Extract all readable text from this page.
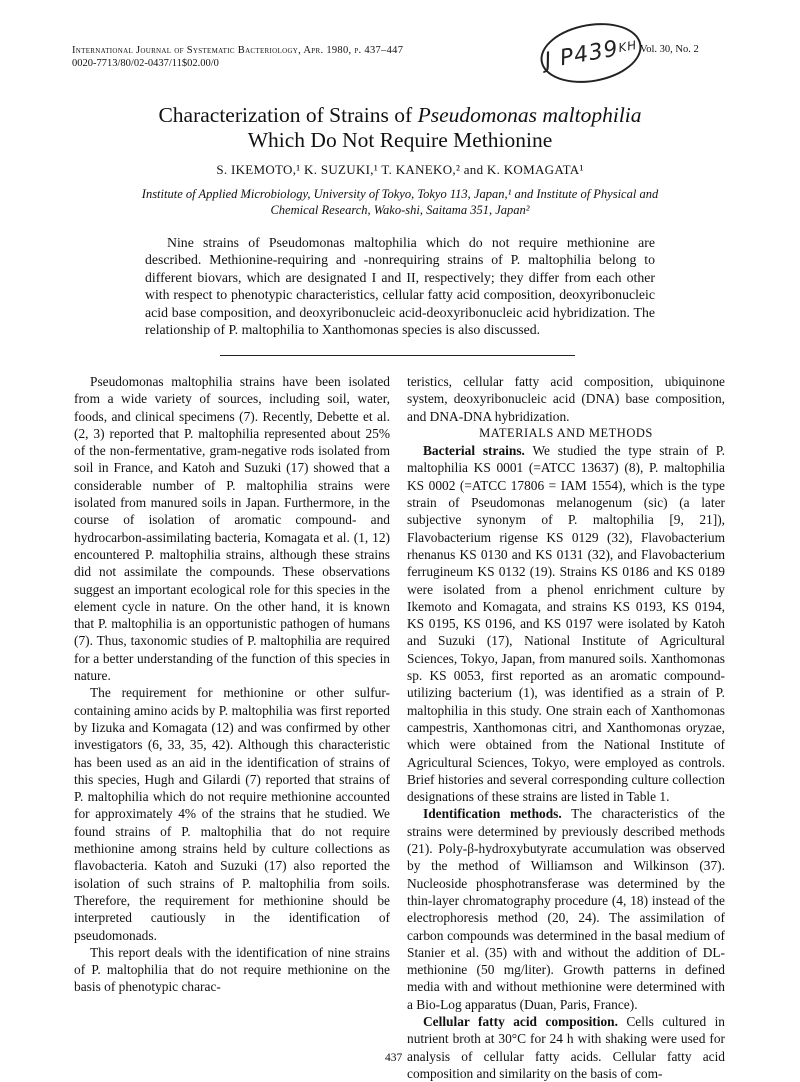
International Journal of Systematic Bacteriology, Apr. 1980, p. 437–447
0020-7713/80/02-0437/11$02.00/0	J P439
KH Vol. 30, No. 2
Characterization of Strains of Pseudomonas maltophilia
Which Do Not Require Methionine
S. IKEMOTO,¹ K. SUZUKI,¹ T. KANEKO,² and K. KOMAGATA¹
Institute of Applied Microbiology, University of Tokyo, Tokyo 113, Japan,¹ and Institute of Physical and
Chemical Research, Wako-shi, Saitama 351, Japan²
Nine strains of Pseudomonas maltophilia which do not require methionine are described. Methionine-requiring and -nonrequiring strains of P. maltophilia belong to different biovars, which are designated I and II, respectively; they differ from each other with respect to phenotypic characteristics, cellular fatty acid composition, deoxyribonucleic acid base composition, and deoxyribonucleic acid-deoxyribonucleic acid hybridization. The relationship of P. maltophilia to Xanthomonas species is also discussed.

Pseudomonas maltophilia strains have been isolated from a wide variety of sources, including soil, water, foods, and clinical specimens (7). Recently, Debette et al. (2, 3) reported that P. maltophilia represented about 25% of the non-fermentative, gram-negative rods isolated from soil in France, and Katoh and Suzuki (17) showed that a considerable number of P. maltophilia strains were isolated from manured soils in Japan. Furthermore, in the course of isolation of aromatic compound- and hydrocarbon-assimilating bacteria, Komagata et al. (1, 12) encountered P. maltophilia strains, although these strains did not assimilate the compounds. These observations suggest an important ecological role for this species in the element cycle in nature. On the other hand, it is known that P. maltophilia is an opportunistic pathogen of humans (7). Thus, taxonomic studies of P. maltophilia are required for a better understanding of the function of this species in nature.

The requirement for methionine or other sulfur-containing amino acids by P. maltophilia was first reported by Iizuka and Komagata (12) and was confirmed by other investigators (6, 33, 35, 42). Although this characteristic has been used as an aid in the identification of strains of this species, Hugh and Gilardi (7) reported that strains of P. maltophilia which do not require methionine accounted for approximately 4% of the strains that he studied. We found strains of P. maltophilia that do not require methionine among strains held by culture collections as flavobacteria. Katoh and Suzuki (17) also reported the isolation of such strains of P. maltophilia from soils. Therefore, the requirement for methionine should be interpreted cautiously in the identification of pseudomonads.

This report deals with the identification of nine strains of P. maltophilia that do not require methionine on the basis of phenotypic charac-

teristics, cellular fatty acid composition, ubiquinone system, deoxyribonucleic acid (DNA) base composition, and DNA-DNA hybridization.

MATERIALS AND METHODS

Bacterial strains. We studied the type strain of P. maltophilia KS 0001 (=ATCC 13637) (8), P. maltophilia KS 0002 (=ATCC 17806 = IAM 1554), which is the type strain of Pseudomonas melanogenum (sic) (a later subjective synonym of P. maltophilia [9, 21]), Flavobacterium rigense KS 0129 (32), Flavobacterium rhenanus KS 0130 and KS 0131 (32), and Flavobacterium ferrugineum KS 0132 (19). Strains KS 0186 and KS 0189 were isolated from a phenol enrichment culture by Ikemoto and Komagata, and strains KS 0193, KS 0194, KS 0195, KS 0196, and KS 0197 were isolated by Katoh and Suzuki (17), National Institute of Agricultural Sciences, Tokyo, Japan, from manured soils. Xanthomonas sp. KS 0053, first reported as an aromatic compound-utilizing bacterium (1), was identified as a strain of P. maltophilia in this study. One strain each of Xanthomonas campestris, Xanthomonas citri, and Xanthomonas oryzae, which were obtained from the National Institute of Agricultural Sciences, Tokyo, were employed as controls. Brief histories and several corresponding culture collection designations of these strains are listed in Table 1.

Identification methods. The characteristics of the strains were determined by previously described methods (21). Poly-β-hydroxybutyrate accumulation was observed by the method of Williamson and Wilkinson (37). Nucleoside phosphotransferase was determined by the thin-layer chromatography procedure (4, 18) instead of the electrophoresis method (20, 24). The assimilation of carbon compounds was determined in the basal medium of Stanier et al. (35) with and without the addition of DL-methionine (50 mg/liter). Growth patterns in defined media with and without methionine were determined with a Bio-Log apparatus (Duan, Paris, France).

Cellular fatty acid composition. Cells cultured in nutrient broth at 30°C for 24 h with shaking were used for analysis of cellular fatty acids. Cellular fatty acid composition and similarity on the basis of com-

437
